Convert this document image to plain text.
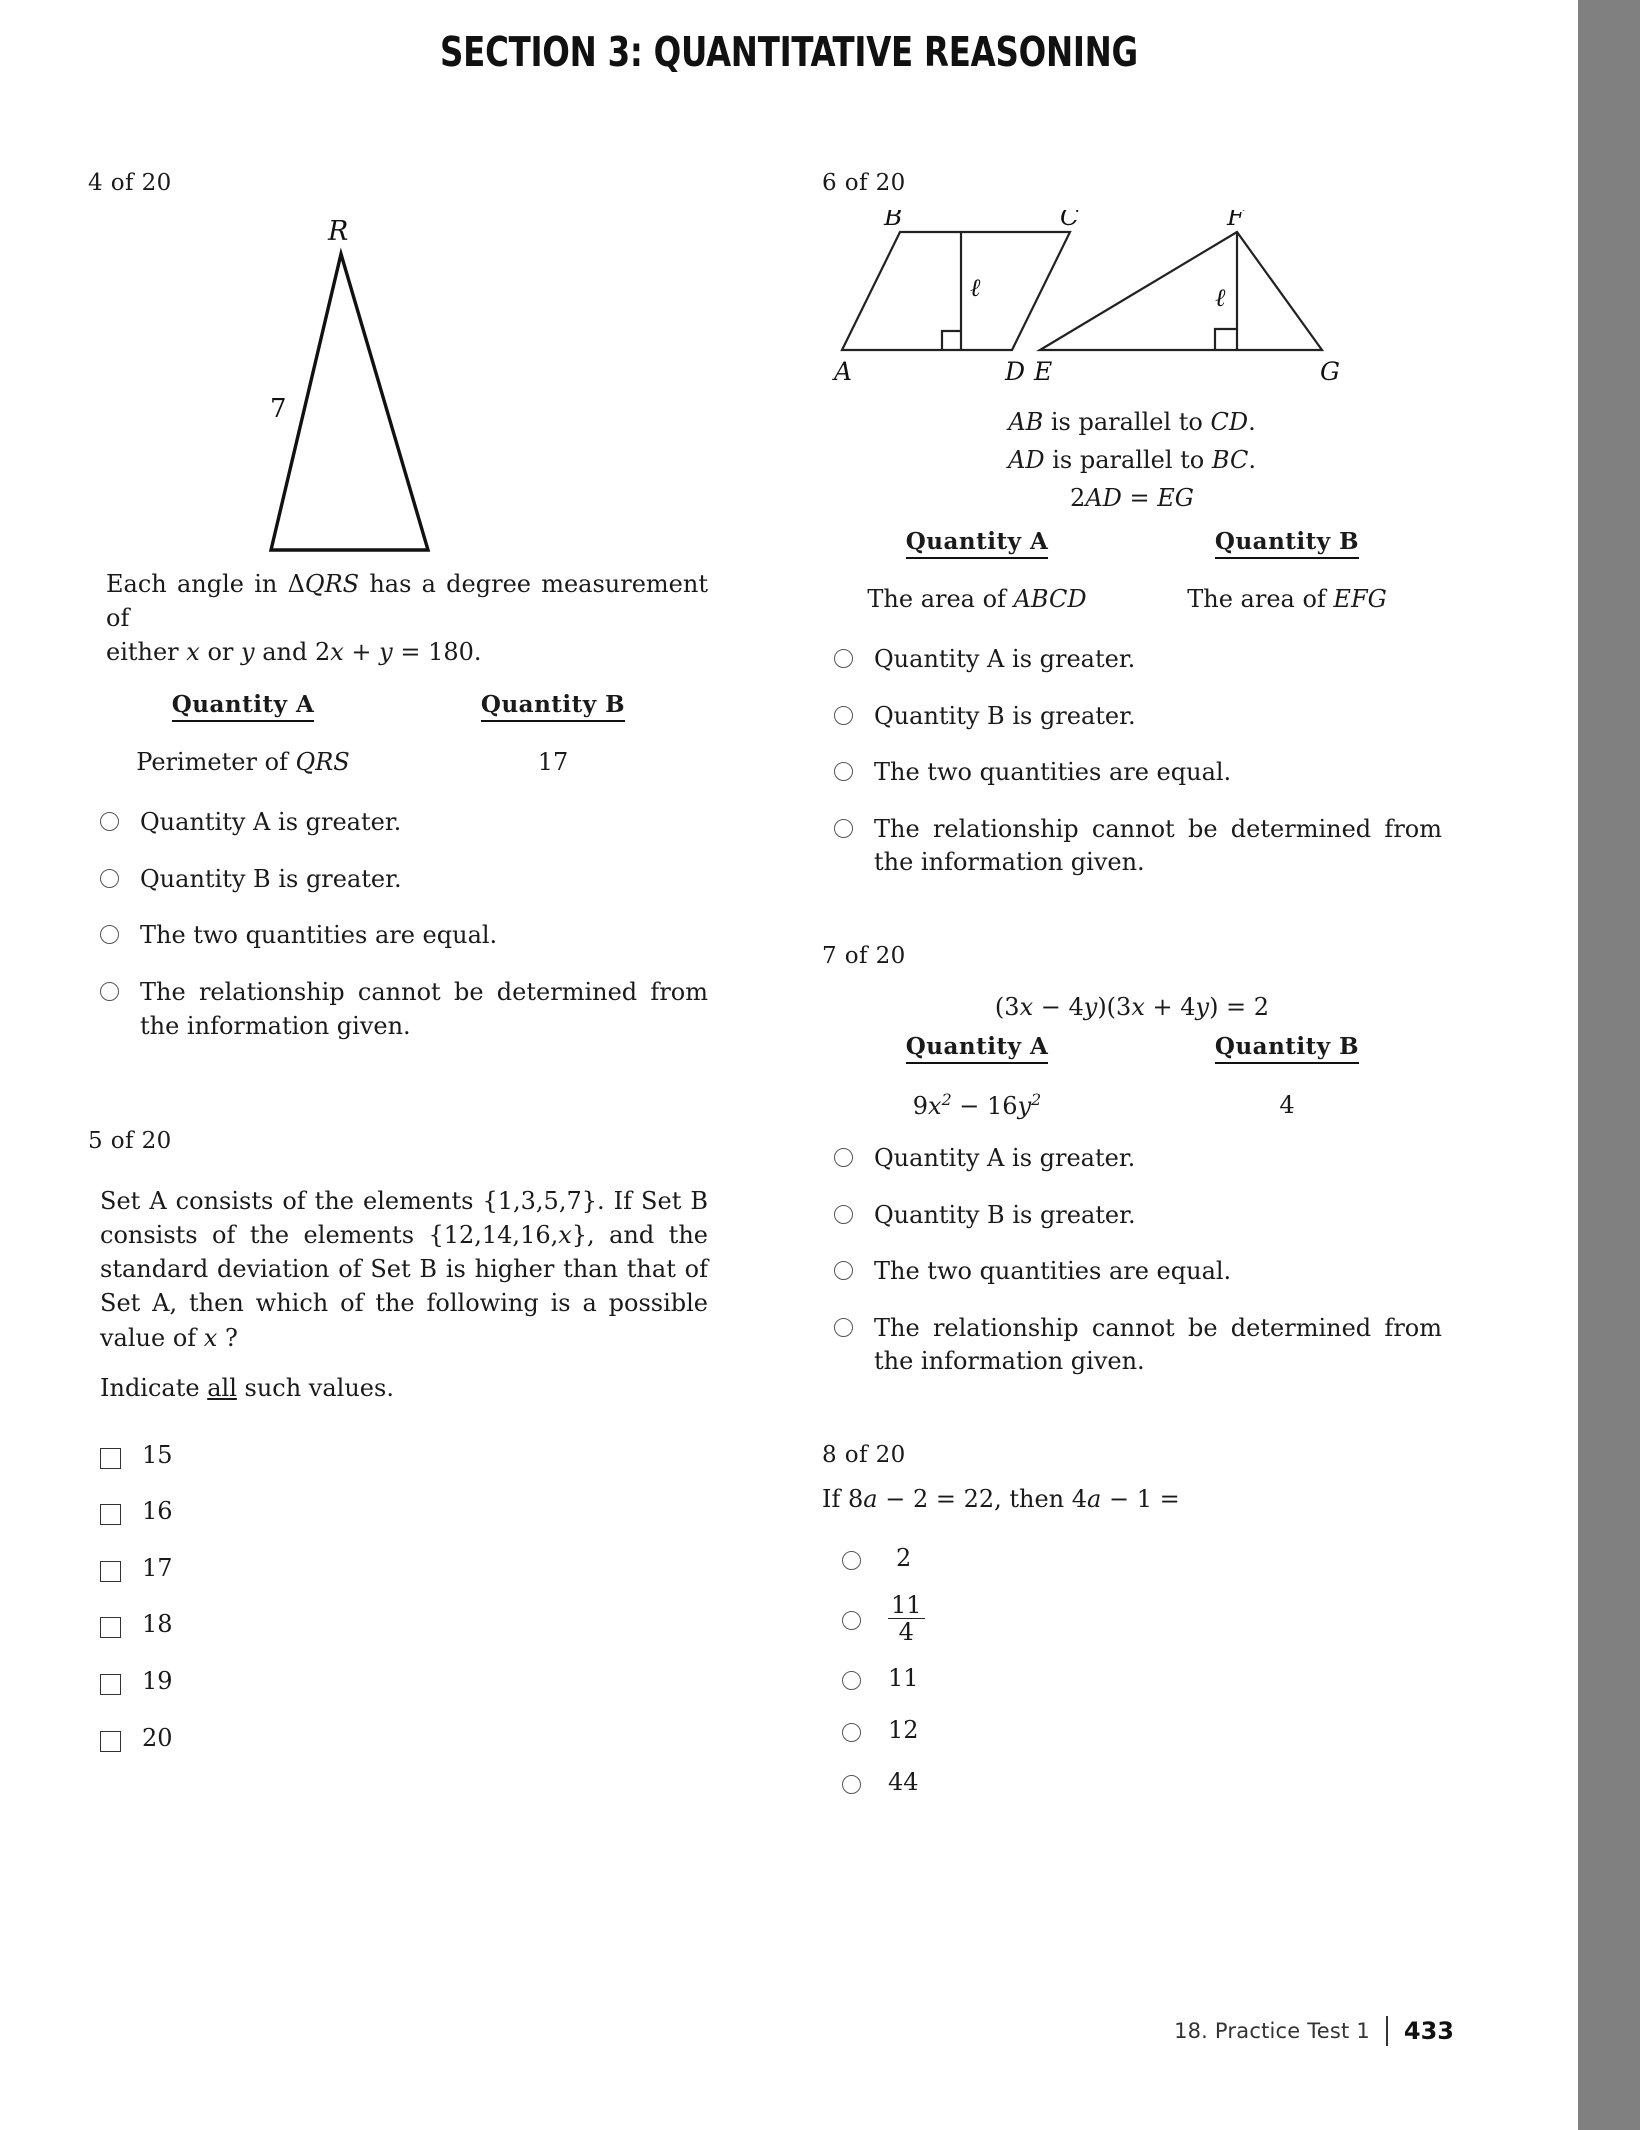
SECTION 3: QUANTITATIVE REASONING
4 of 20
R
7
Each angle in ΔQRS has a degree measurement of
either x or y and 2x + y = 180.
Quantity A	Quantity B
Perimeter of QRS	17
Quantity A is greater.
Quantity B is greater.
The two quantities are equal.
The relationship cannot be determined from the information given.
5 of 20
Set A consists of the elements {1,3,5,7}. If Set B consists of the elements {12,14,16,x}, and the standard deviation of Set B is higher than that of Set A, then which of the following is a possible value of x ?
Indicate all such values.
15
16
17
18
19
20
6 of 20
B	C
A	D
ℓ
E
F
G
ℓ
AB is parallel to CD.
AD is parallel to BC.
2AD = EG
Quantity A	Quantity B
The area of ABCD	The area of EFG
Quantity A is greater.
Quantity B is greater.
The two quantities are equal.
The relationship cannot be determined from the information given.
7 of 20
(3x − 4y)(3x + 4y) = 2
Quantity A	Quantity B
$9x^2 - 16y^2$	4
Quantity A is greater.
Quantity B is greater.
The two quantities are equal.
The relationship cannot be determined from the information given.
8 of 20
If 8a − 2 = 22, then 4a − 1 =
2
$\frac{11}{4}$
11
12
44
18. Practice Test 1 433
